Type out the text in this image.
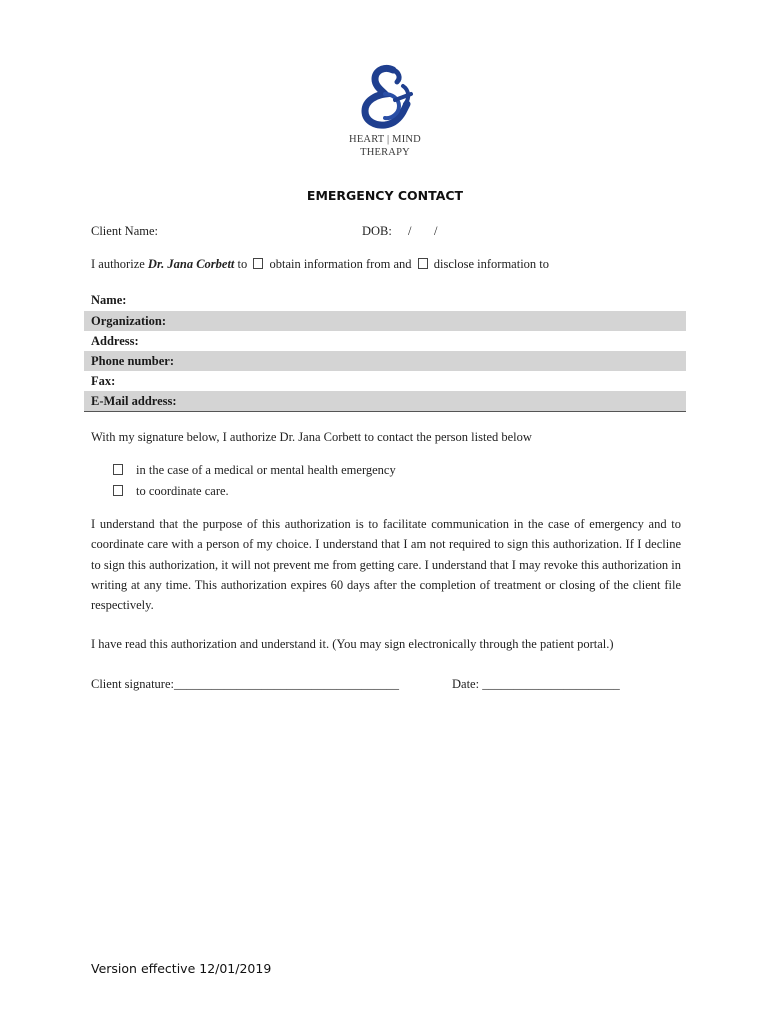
HEART | MIND
THERAPY
EMERGENCY CONTACT
Client Name:	DOB: / /
I authorize Dr. Jana Corbett to  obtain information from and  disclose information to
Name:
Organization:
Address:
Phone number:
Fax:
E-Mail address:
With my signature below, I authorize Dr. Jana Corbett to contact the person listed below
in the case of a medical or mental health emergency
to coordinate care.
I understand that the purpose of this authorization is to facilitate communication in the case of emergency and to coordinate care with a person of my choice. I understand that I am not required to sign this authorization. If I decline to sign this authorization, it will not prevent me from getting care. I understand that I may revoke this authorization in writing at any time. This authorization expires 60 days after the completion of treatment or closing of the client file respectively.
I have read this authorization and understand it. (You may sign electronically through the patient portal.)
Client signature:____________________________________	Date: ______________________
Version effective 12/01/2019
